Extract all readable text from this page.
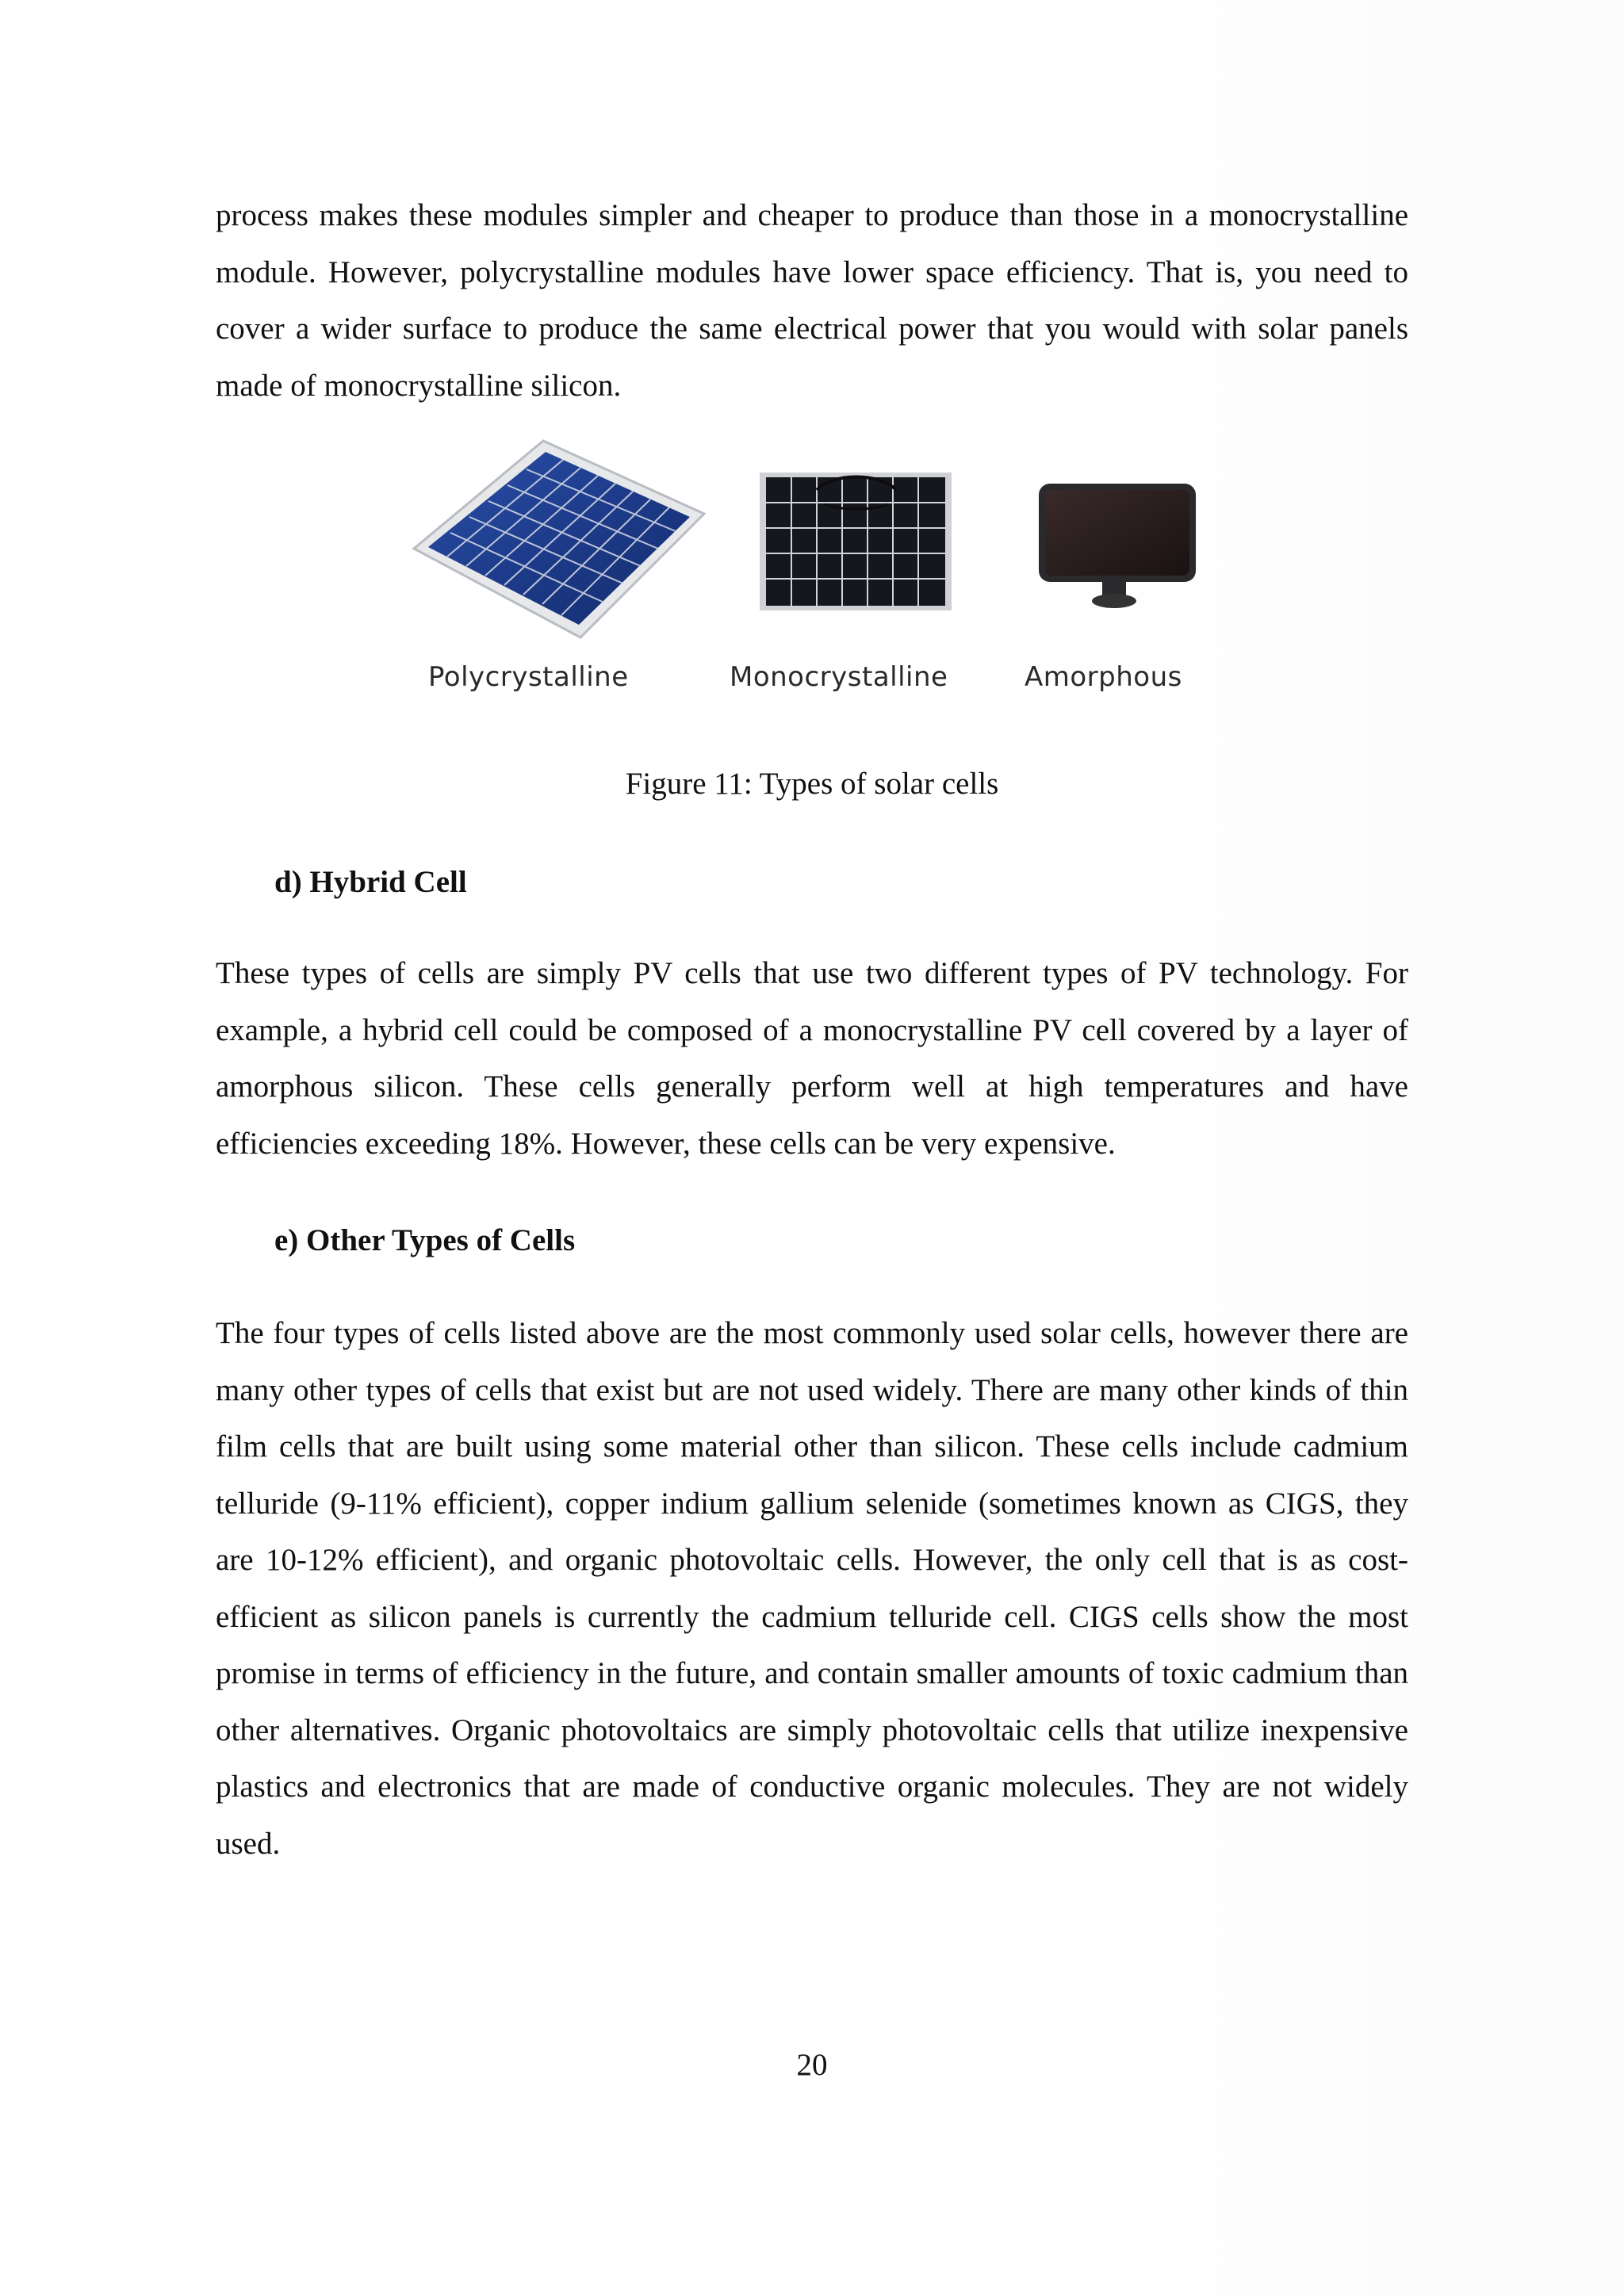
process makes these modules simpler and cheaper to produce than those in a monocrystalline module. However, polycrystalline modules have lower space efficiency. That is, you need to cover a wider surface to produce the same electrical power that you would with solar panels made of monocrystalline silicon.

Polycrystalline	Monocrystalline	Amorphous

Figure 11: Types of solar cells

d) Hybrid Cell

These types of cells are simply PV cells that use two different types of PV technology. For example, a hybrid cell could be composed of a monocrystalline PV cell covered by a layer of amorphous silicon. These cells generally perform well at high temperatures and have efficiencies exceeding 18%. However, these cells can be very expensive.

e) Other Types of Cells

The four types of cells listed above are the most commonly used solar cells, however there are many other types of cells that exist but are not used widely. There are many other kinds of thin film cells that are built using some material other than silicon. These cells include cadmium telluride (9-11% efficient), copper indium gallium selenide (sometimes known as CIGS, they are 10-12% efficient), and organic photovoltaic cells. However, the only cell that is as cost-efficient as silicon panels is currently the cadmium telluride cell. CIGS cells show the most promise in terms of efficiency in the future, and contain smaller amounts of toxic cadmium than other alternatives. Organic photovoltaics are simply photovoltaic cells that utilize inexpensive plastics and electronics that are made of conductive organic molecules. They are not widely used.

20
